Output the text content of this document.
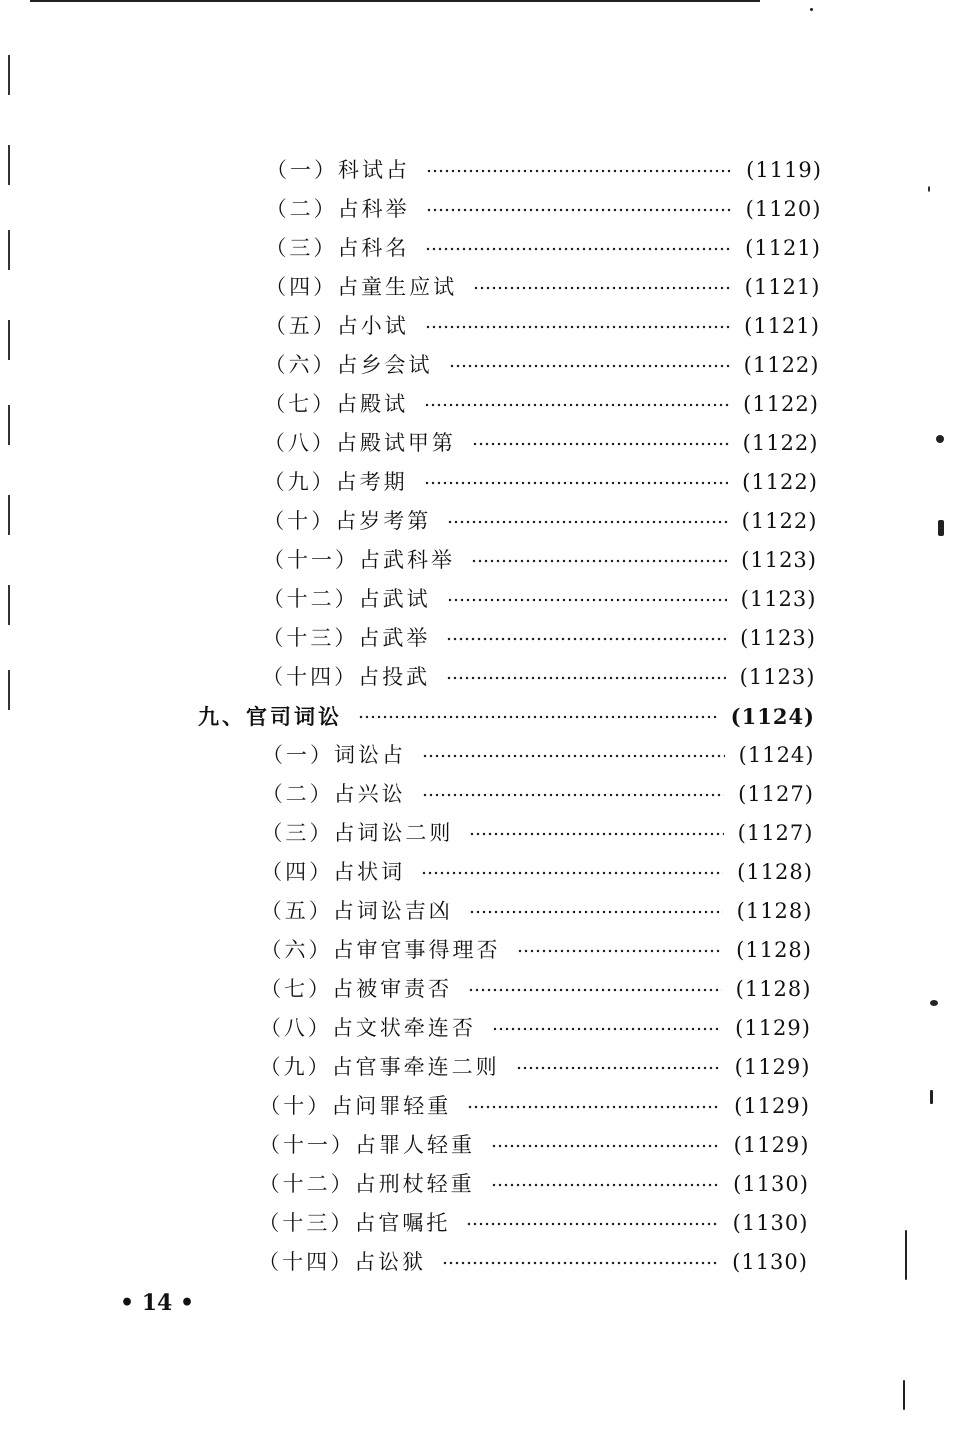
（一）科试占	(1119)
（二）占科举	(1120)
（三）占科名	(1121)
（四）占童生应试	(1121)
（五）占小试	(1121)
（六）占乡会试	(1122)
（七）占殿试	(1122)
（八）占殿试甲第	(1122)
（九）占考期	(1122)
（十）占岁考第	(1122)
（十一）占武科举	(1123)
（十二）占武试	(1123)
（十三）占武举	(1123)
（十四）占投武	(1123)
九、官司词讼	(1124)
（一）词讼占	(1124)
（二）占兴讼	(1127)
（三）占词讼二则	(1127)
（四）占状词	(1128)
（五）占词讼吉凶	(1128)
（六）占审官事得理否	(1128)
（七）占被审责否	(1128)
（八）占文状牵连否	(1129)
（九）占官事牵连二则	(1129)
（十）占问罪轻重	(1129)
（十一）占罪人轻重	(1129)
（十二）占刑杖轻重	(1130)
（十三）占官嘱托	(1130)
（十四）占讼狱	(1130)
• 14 •
